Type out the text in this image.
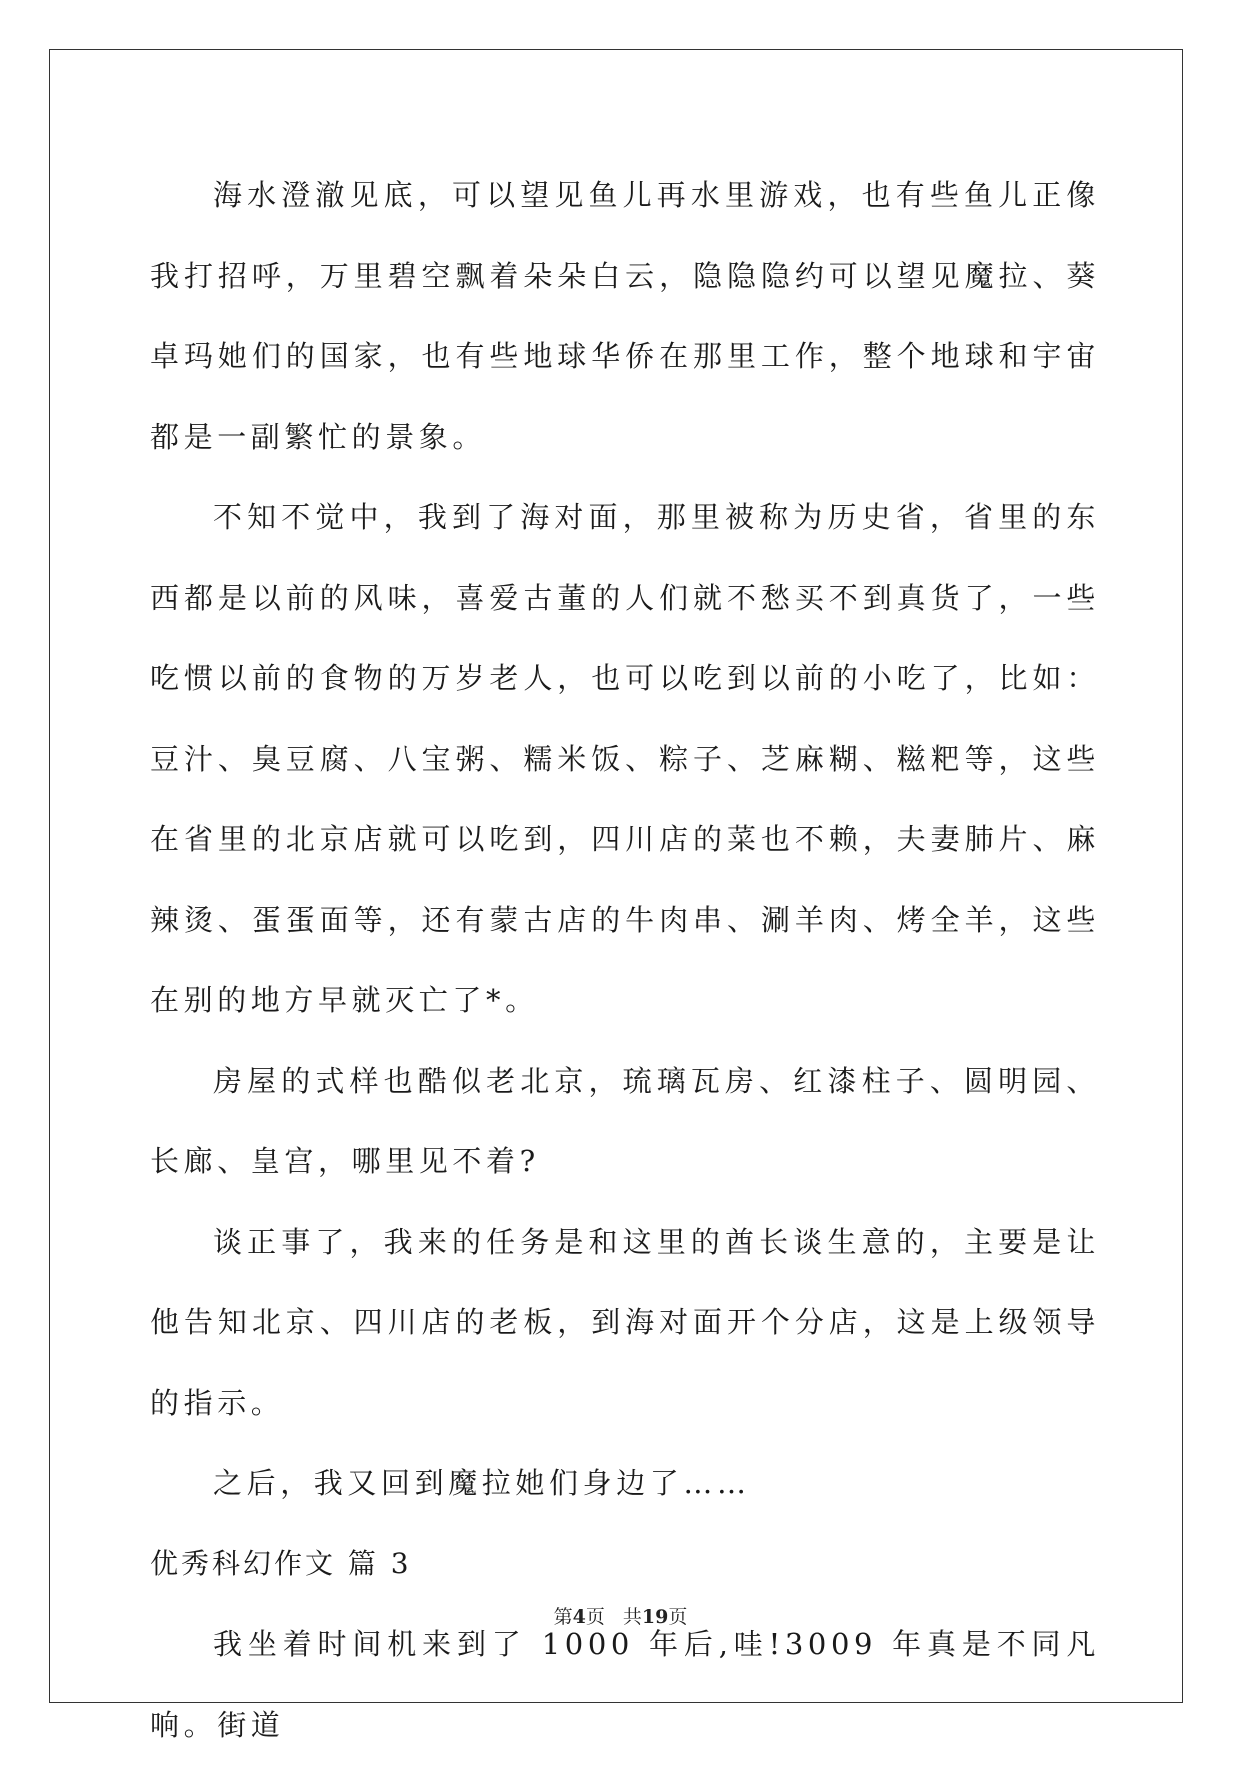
海水澄澈见底，可以望见鱼儿再水里游戏，也有些鱼儿正像我打招呼，万里碧空飘着朵朵白云，隐隐隐约可以望见魔拉、葵卓玛她们的国家，也有些地球华侨在那里工作，整个地球和宇宙都是一副繁忙的景象。

不知不觉中，我到了海对面，那里被称为历史省，省里的东西都是以前的风味，喜爱古董的人们就不愁买不到真货了，一些吃惯以前的食物的万岁老人，也可以吃到以前的小吃了，比如：豆汁、臭豆腐、八宝粥、糯米饭、粽子、芝麻糊、糍粑等，这些在省里的北京店就可以吃到，四川店的菜也不赖，夫妻肺片、麻辣烫、蛋蛋面等，还有蒙古店的牛肉串、涮羊肉、烤全羊，这些在别的地方早就灭亡了*。

房屋的式样也酷似老北京，琉璃瓦房、红漆柱子、圆明园、长廊、皇宫，哪里见不着?

谈正事了，我来的任务是和这里的酋长谈生意的，主要是让他告知北京、四川店的老板，到海对面开个分店，这是上级领导的指示。

之后，我又回到魔拉她们身边了……

优秀科幻作文 篇 3

我坐着时间机来到了 1000 年后,哇!3009 年真是不同凡响。街道

第4页 共19页
